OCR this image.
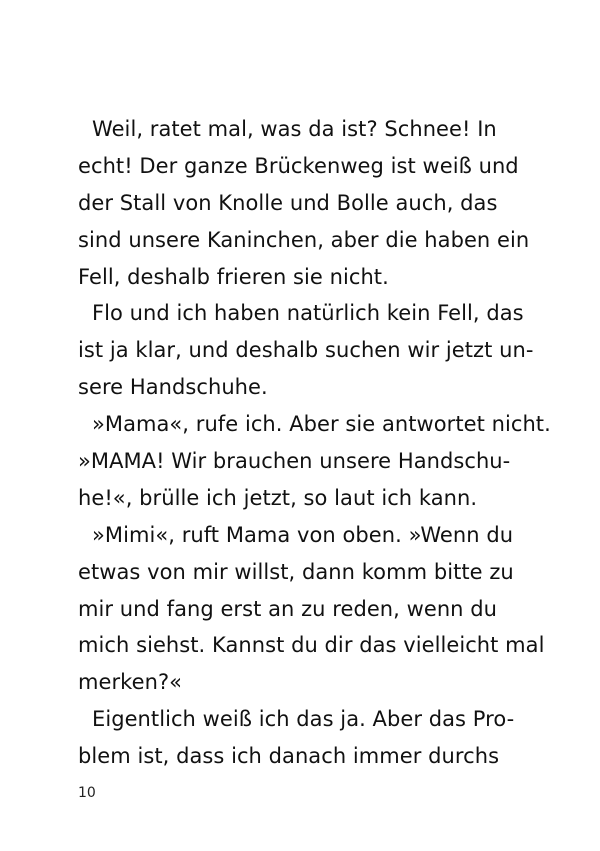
Weil, ratet mal, was da ist? Schnee! In
echt! Der ganze Brückenweg ist weiß und
der Stall von Knolle und Bolle auch, das
sind unsere Kaninchen, aber die haben ein
Fell, deshalb frieren sie nicht.
Flo und ich haben natürlich kein Fell, das
ist ja klar, und deshalb suchen wir jetzt un-
sere Handschuhe.
»Mama«, rufe ich. Aber sie antwortet nicht.
»MAMA! Wir brauchen unsere Handschu-
he!«, brülle ich jetzt, so laut ich kann.
»Mimi«, ruft Mama von oben. »Wenn du
etwas von mir willst, dann komm bitte zu
mir und fang erst an zu reden, wenn du
mich siehst. Kannst du dir das vielleicht mal
merken?«
Eigentlich weiß ich das ja. Aber das Pro-
blem ist, dass ich danach immer durchs
10
